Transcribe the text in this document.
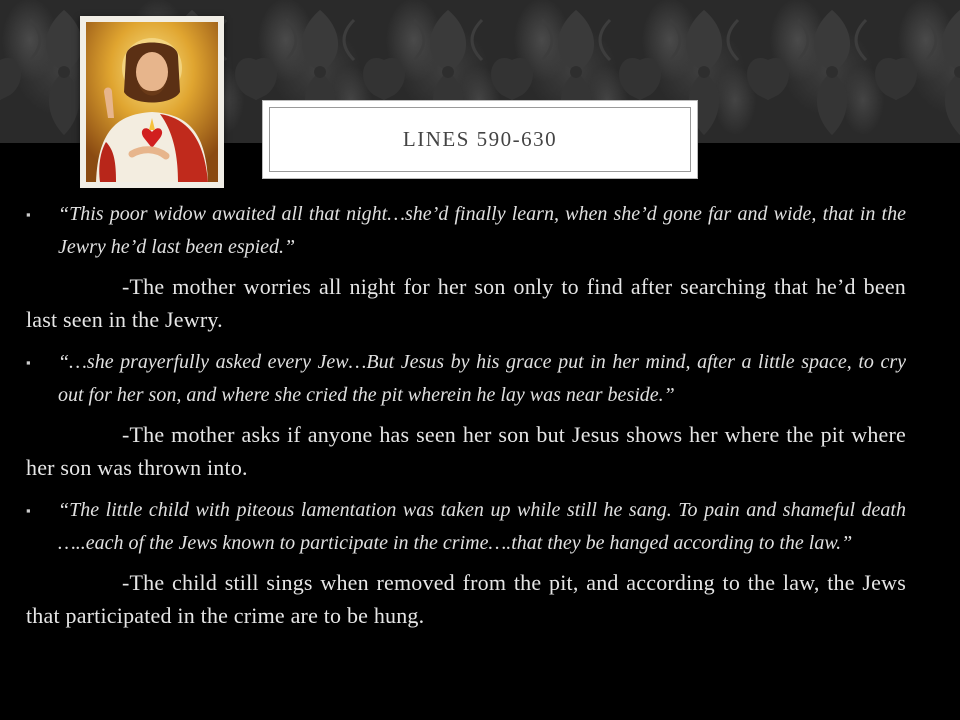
LINES 590-630

▪ “This poor widow awaited all that night…she’d finally learn, when she’d gone far and wide, that in the Jewry he’d last been espied.”

-The mother worries all night for her son only to find after searching that he’d been last seen in the Jewry.

▪ “…she prayerfully asked every Jew…But Jesus by his grace put in her mind, after a little space, to cry out for her son, and where she cried the pit wherein he lay was near beside.”

-The mother asks if anyone has seen her son but Jesus shows her where the pit where her son was thrown into.

▪ “The little child with piteous lamentation was taken up while still he sang. To pain and shameful death …..each of the Jews known to participate in the crime….that they be hanged according to the law.”

-The child still sings when removed from the pit, and according to the law, the Jews that participated in the crime are to be hung.
